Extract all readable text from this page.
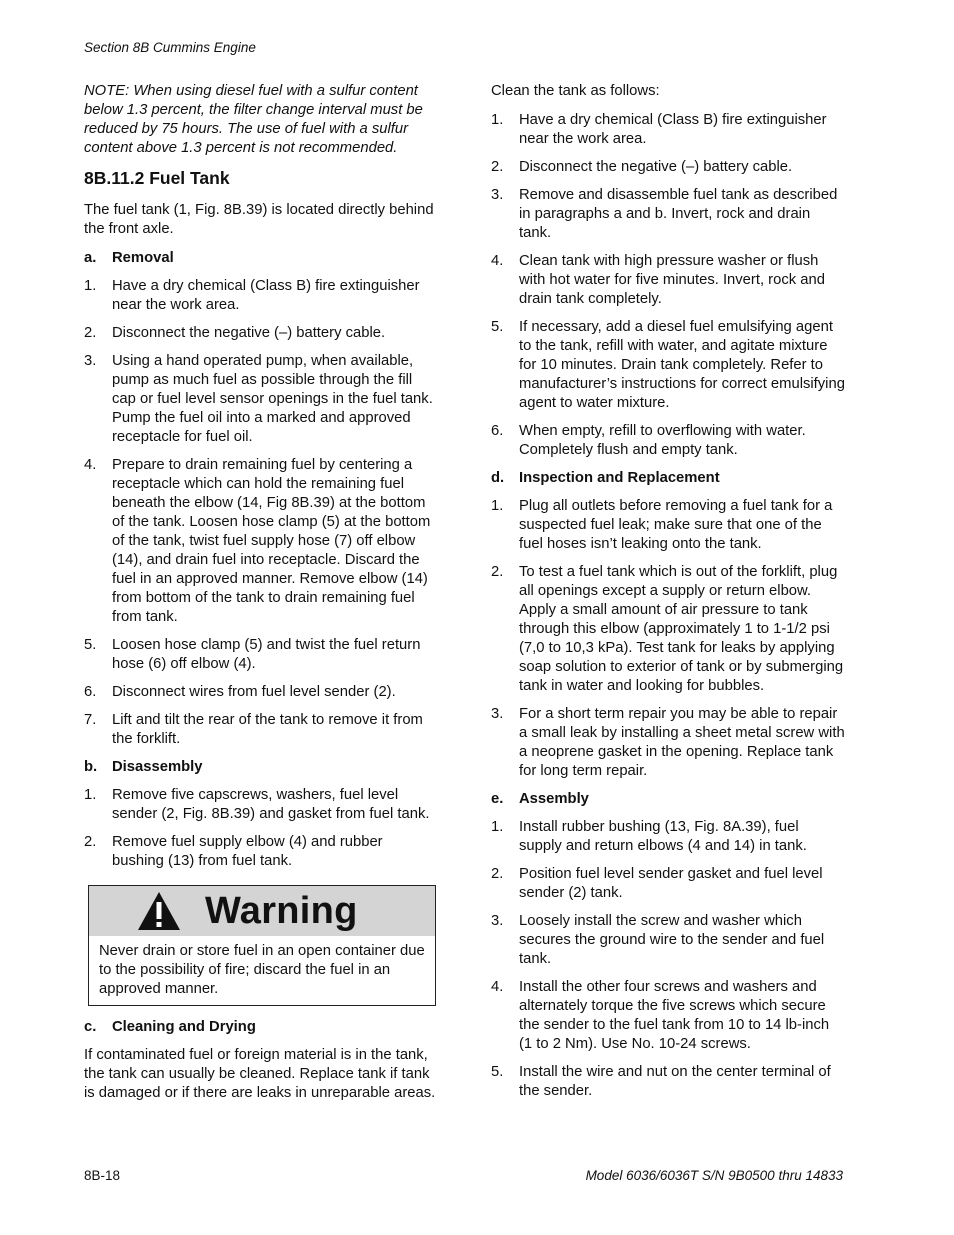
Section 8B Cummins Engine

NOTE: When using diesel fuel with a sulfur content below 1.3 percent, the filter change interval must be reduced by 75 hours. The use of fuel with a sulfur content above 1.3 percent is not recommended.

8B.11.2 Fuel Tank

The fuel tank (1, Fig. 8B.39) is located directly behind the front axle.

a.	Removal
1.	Have a dry chemical (Class B) fire extinguisher near the work area.
2.	Disconnect the negative (–) battery cable.
3.	Using a hand operated pump, when available, pump as much fuel as possible through the fill cap or fuel level sensor openings in the fuel tank. Pump the fuel oil into a marked and approved receptacle for fuel oil.
4.	Prepare to drain remaining fuel by centering a receptacle which can hold the remaining fuel beneath the elbow (14, Fig 8B.39) at the bottom of the tank. Loosen hose clamp (5) at the bottom of the tank, twist fuel supply hose (7) off elbow (14), and drain fuel into receptacle. Discard the fuel in an approved manner. Remove elbow (14) from bottom of the tank to drain remaining fuel from tank.
5.	Loosen hose clamp (5) and twist the fuel return hose (6) off elbow (4).
6.	Disconnect wires from fuel level sender (2).
7.	Lift and tilt the rear of the tank to remove it from the forklift.
b.	Disassembly
1.	Remove five capscrews, washers, fuel level sender (2, Fig. 8B.39) and gasket from fuel tank.
2.	Remove fuel supply elbow (4) and rubber bushing (13) from fuel tank.
Warning
Never drain or store fuel in an open container due to the possibility of fire; discard the fuel in an approved manner.
c.	Cleaning and Drying

If contaminated fuel or foreign material is in the tank, the tank can usually be cleaned. Replace tank if tank is damaged or if there are leaks in unreparable areas.

Clean the tank as follows:

1.	Have a dry chemical (Class B) fire extinguisher near the work area.
2.	Disconnect the negative (–) battery cable.
3.	Remove and disassemble fuel tank as described in paragraphs a and b. Invert, rock and drain tank.
4.	Clean tank with high pressure washer or flush with hot water for five minutes. Invert, rock and drain tank completely.
5.	If necessary, add a diesel fuel emulsifying agent to the tank, refill with water, and agitate mixture for 10 minutes. Drain tank completely. Refer to manufacturer’s instructions for correct emulsifying agent to water mixture.
6.	When empty, refill to overflowing with water. Completely flush and empty tank.
d.	Inspection and Replacement
1.	Plug all outlets before removing a fuel tank for a suspected fuel leak; make sure that one of the fuel hoses isn’t leaking onto the tank.
2.	To test a fuel tank which is out of the forklift, plug all openings except a supply or return elbow. Apply a small amount of air pressure to tank through this elbow (approximately 1 to 1-1/2 psi (7,0 to 10,3 kPa). Test tank for leaks by applying soap solution to exterior of tank or by submerging tank in water and looking for bubbles.
3.	For a short term repair you may be able to repair a small leak by installing a sheet metal screw with a neoprene gasket in the opening. Replace tank for long term repair.
e.	Assembly
1.	Install rubber bushing (13, Fig. 8A.39), fuel supply and return elbows (4 and 14) in tank.
2.	Position fuel level sender gasket and fuel level sender (2) tank.
3.	Loosely install the screw and washer which secures the ground wire to the sender and fuel tank.
4.	Install the other four screws and washers and alternately torque the five screws which secure the sender to the fuel tank from 10 to 14 lb-inch (1 to 2 Nm). Use No. 10-24 screws.
5.	Install the wire and nut on the center terminal of the sender.
8B-18	Model 6036/6036T S/N 9B0500 thru 14833
